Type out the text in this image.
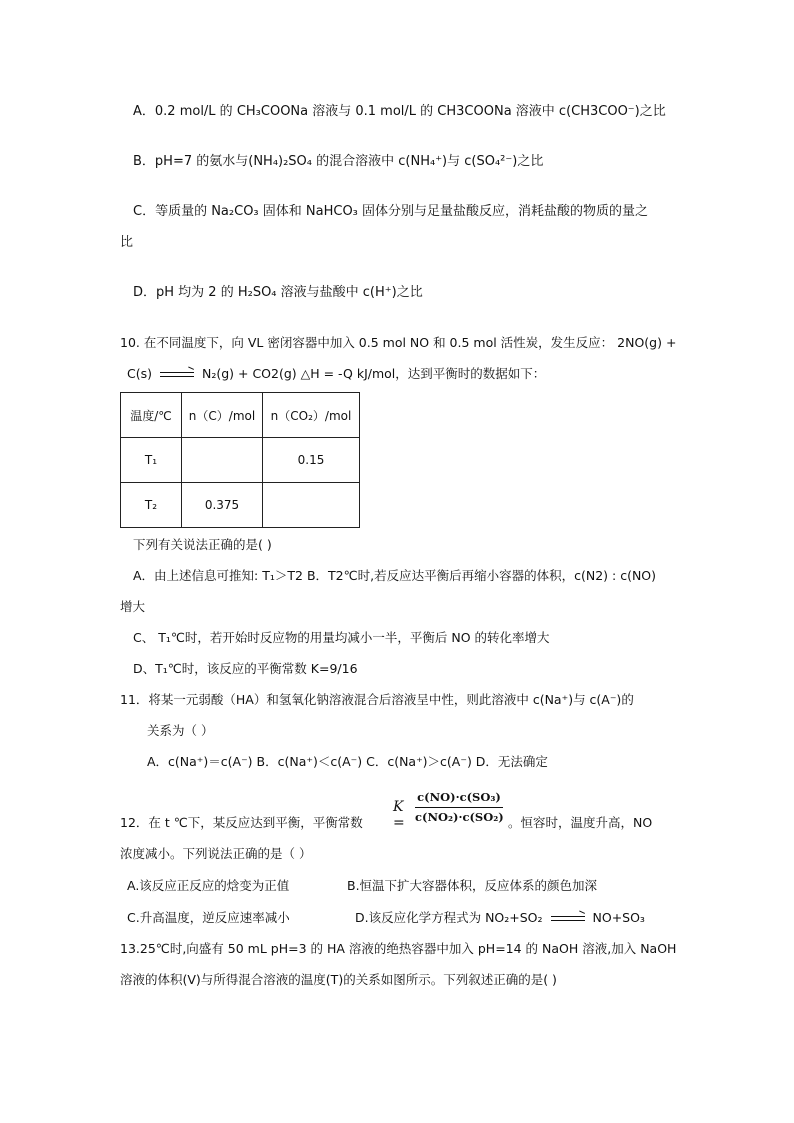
A．0.2 mol/L 的 CH₃COONa 溶液与 0.1 mol/L 的 CH3COONa 溶液中 c(CH3COO⁻)之比
B．pH=7 的氨水与(NH₄)₂SO₄ 的混合溶液中 c(NH₄⁺)与 c(SO₄²⁻)之比
C．等质量的 Na₂CO₃ 固体和 NaHCO₃ 固体分别与足量盐酸反应，消耗盐酸的物质的量之
比
D．pH 均为 2 的 H₂SO₄ 溶液与盐酸中 c(H⁺)之比
10. 在不同温度下，向 VL 密闭容器中加入 0.5 mol NO 和 0.5 mol 活性炭，发生反应： 2NO(g) +
C(s) → N₂(g) + CO2(g) △H = -Q kJ/mol，达到平衡时的数据如下：
温度/℃	n（C）/mol	n（CO₂）/mol
T₁		0.15
T₂	0.375	
下列有关说法正确的是( )
A．由上述信息可推知: T₁＞T2 B．T2℃时,若反应达平衡后再缩小容器的体积，c(N2) : c(NO)
增大
C、 T₁℃时，若开始时反应物的用量均减小一半，平衡后 NO 的转化率增大
D、T₁℃时，该反应的平衡常数 K=9/16
11．将某一元弱酸（HA）和氢氧化钠溶液混合后溶液呈中性，则此溶液中 c(Na⁺)与 c(A⁻)的
关系为（ ）
A．c(Na⁺)＝c(A⁻) B．c(Na⁺)＜c(A⁻) C．c(Na⁺)＞c(A⁻) D．无法确定
K =
c(NO)·c(SO₃)
c(NO₂)·c(SO₂)
12．在 t ℃下，某反应达到平衡，平衡常数	。恒容时，温度升高，NO
浓度减小。下列说法正确的是（ ）
A.该反应正反应的焓变为正值	B.恒温下扩大容器体积，反应体系的颜色加深
C.升高温度，逆反应速率减小	D.该反应化学方程式为 NO₂+SO₂ → NO+SO₃
13.25℃时,向盛有 50 mL pH=3 的 HA 溶液的绝热容器中加入 pH=14 的 NaOH 溶液,加入 NaOH
溶液的体积(V)与所得混合溶液的温度(T)的关系如图所示。下列叙述正确的是( )
